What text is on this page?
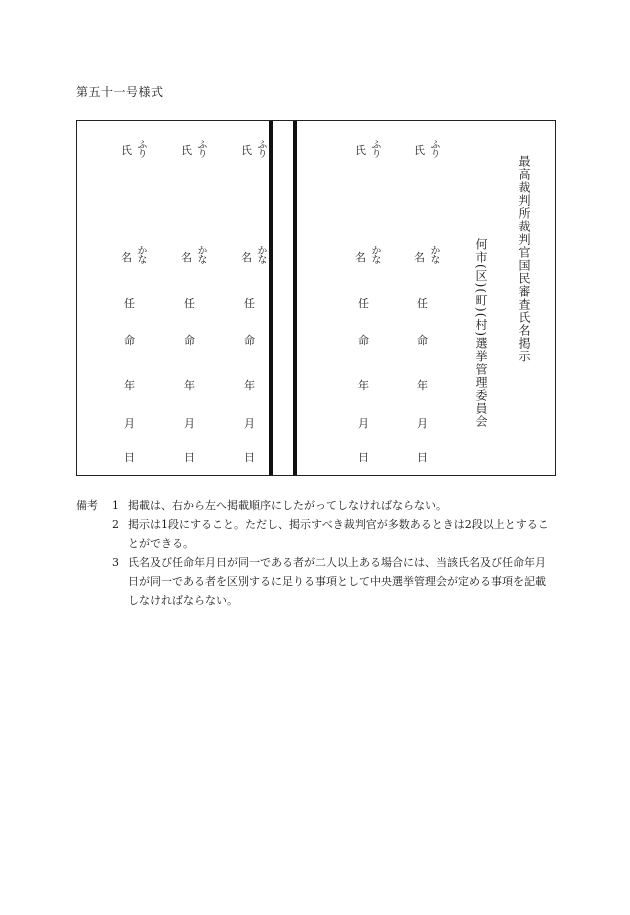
第五十一号様式
氏 ふり
名 かな
任
命
年
月
日
氏 ふり
名 かな
任
命
年
月
日
氏 ふり
名 かな
任
命
年
月
日
氏 ふり
名 かな
任
命
年
月
日
氏 ふり
名 かな
任
命
年
月
日
何市(区)(町)(村)選挙管理委員会 最高裁判所裁判官国民審査氏名掲示
備考 1 掲載は、右から左へ掲載順序にしたがってしなければならない。
2 掲示は1段にすること。ただし、掲示すべき裁判官が多数あるときは2段以上とすることができる。
3 氏名及び任命年月日が同一である者が二人以上ある場合には、当該氏名及び任命年月日が同一である者を区別するに足りる事項として中央選挙管理会が定める事項を記載しなければならない。
